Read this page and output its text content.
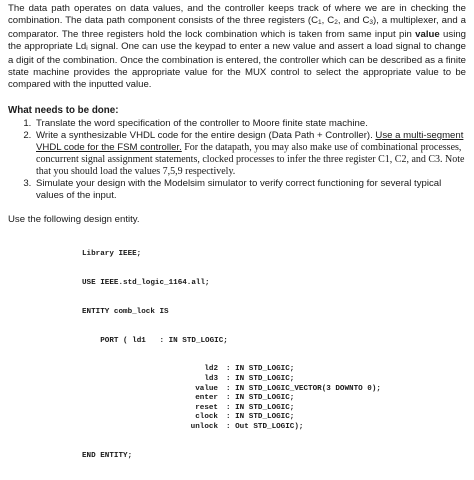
The data path operates on data values, and the controller keeps track of where we are in checking the combination. The data path component consists of the three registers ($C_1$, $C_2$, and $C_3$), a multiplexer, and a comparator. The three registers hold the lock combination which is taken from same input pin value using the appropriate $Ld_i$ signal. One can use the keypad to enter a new value and assert a load signal to change a digit of the combination. Once the combination is entered, the controller which can be described as a finite state machine provides the appropriate value for the MUX control to select the appropriate value to be compared with the inputted value.

What needs to be done:
1. Translate the word specification of the controller to Moore finite state machine.
2. Write a synthesizable VHDL code for the entire design (Data Path + Controller). Use a multi-segment VHDL code for the FSM controller. For the datapath, you may also make use of combinational processes, concurrent signal assignment statements, clocked processes to infer the three register C1, C2, and C3. Note that you should load the values 7,5,9 respectively.
3. Simulate your design with the Modelsim simulator to verify correct functioning for several typical values of the input.
Use the following design entity.

Library IEEE;

USE IEEE.std_logic_1164.all;

ENTITY comb_lock IS

PORT ( ld1 : IN STD_LOGIC;

ld2	: IN STD_LOGIC;
ld3	: IN STD_LOGIC;
value	: IN STD_LOGIC_VECTOR(3 DOWNTO 0);
enter	: IN STD_LOGIC;
reset	: IN STD_LOGIC;
clock	: IN STD_LOGIC;
unlock	: Out STD_LOGIC);

END ENTITY;
